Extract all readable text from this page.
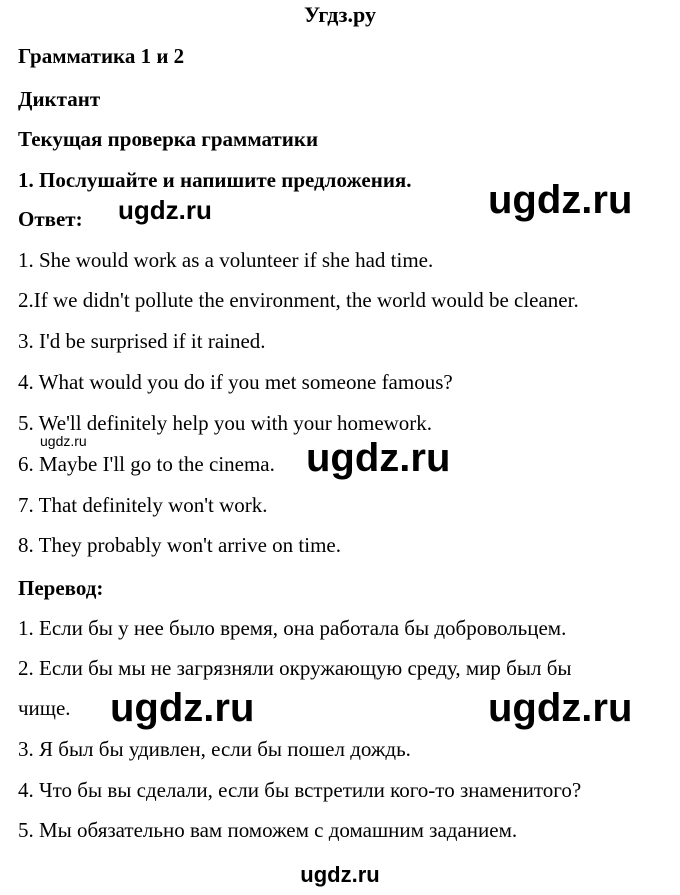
Угдз.ру
Грамматика 1 и 2
Диктант
Текущая проверка грамматики
1. Послушайте и напишите предложения.
Ответ:
1. She would work as a volunteer if she had time.
2.If we didn't pollute the environment, the world would be cleaner.
3. I'd be surprised if it rained.
4. What would you do if you met someone famous?
5. We'll definitely help you with your homework.
6. Maybe I'll go to the cinema.
7. That definitely won't work.
8. They probably won't arrive on time.
Перевод:
1. Если бы у нее было время, она работала бы добровольцем.
2. Если бы мы не загрязняли окружающую среду, мир был бы
чище.
3. Я был бы удивлен, если бы пошел дождь.
4. Что бы вы сделали, если бы встретили кого-то знаменитого?
5. Мы обязательно вам поможем с домашним заданием.
ugdz.ru
ugdz.ru
ugdz.ru	ugdz.ru
ugdz.ru	ugdz.ru
ugdz.ru
